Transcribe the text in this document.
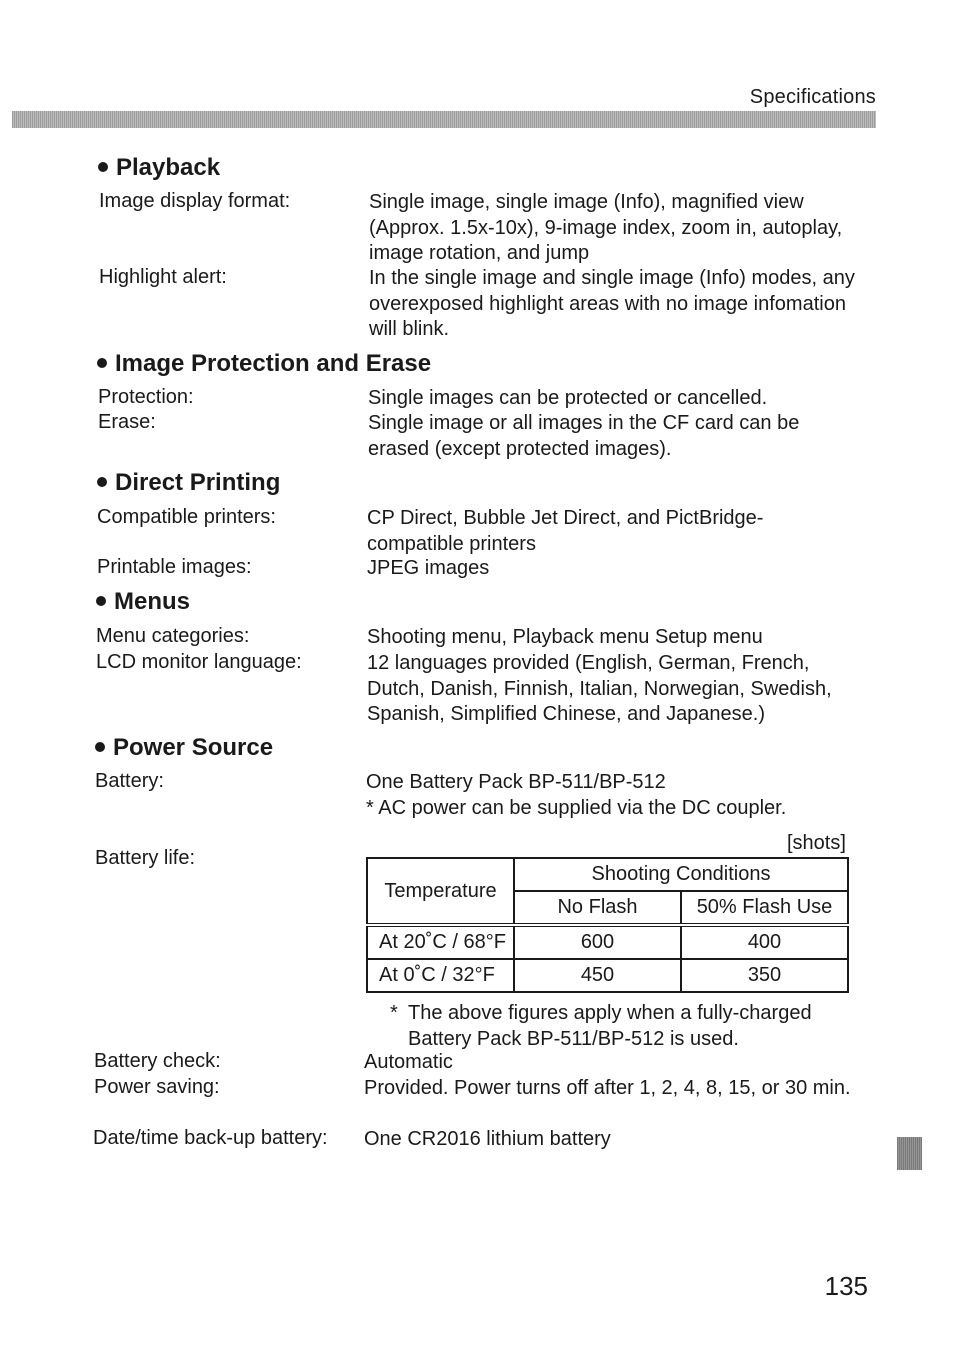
Specifications
Playback
Image display format:	Single image, single image (Info), magnified view (Approx. 1.5x-10x), 9-image index, zoom in, autoplay, image rotation, and jump
Highlight alert:	In the single image and single image (Info) modes, any overexposed highlight areas with no image infomation will blink.
Image Protection and Erase
Protection:	Single images can be protected or cancelled.
Erase:	Single image or all images in the CF card can be erased (except protected images).
Direct Printing
Compatible printers:	CP Direct, Bubble Jet Direct, and PictBridge-compatible printers
Printable images:	JPEG images
Menus
Menu categories:	Shooting menu, Playback menu Setup menu
LCD monitor language:	12 languages provided (English, German, French, Dutch, Danish, Finnish, Italian, Norwegian, Swedish, Spanish, Simplified Chinese, and Japanese.)
Power Source
Battery:	One Battery Pack BP-511/BP-512
* AC power can be supplied via the DC coupler.
Battery life:
[shots]
Temperature	Shooting Conditions	
	No Flash	50% Flash Use
At 20˚C / 68°F	600	400
At 0˚C / 32°F	450	350
* The above figures apply when a fully-charged Battery Pack BP-511/BP-512 is used.
Battery check:	Automatic
Power saving:	Provided. Power turns off after 1, 2, 4, 8, 15, or 30 min.
Date/time back-up battery: One CR2016 lithium battery
135
